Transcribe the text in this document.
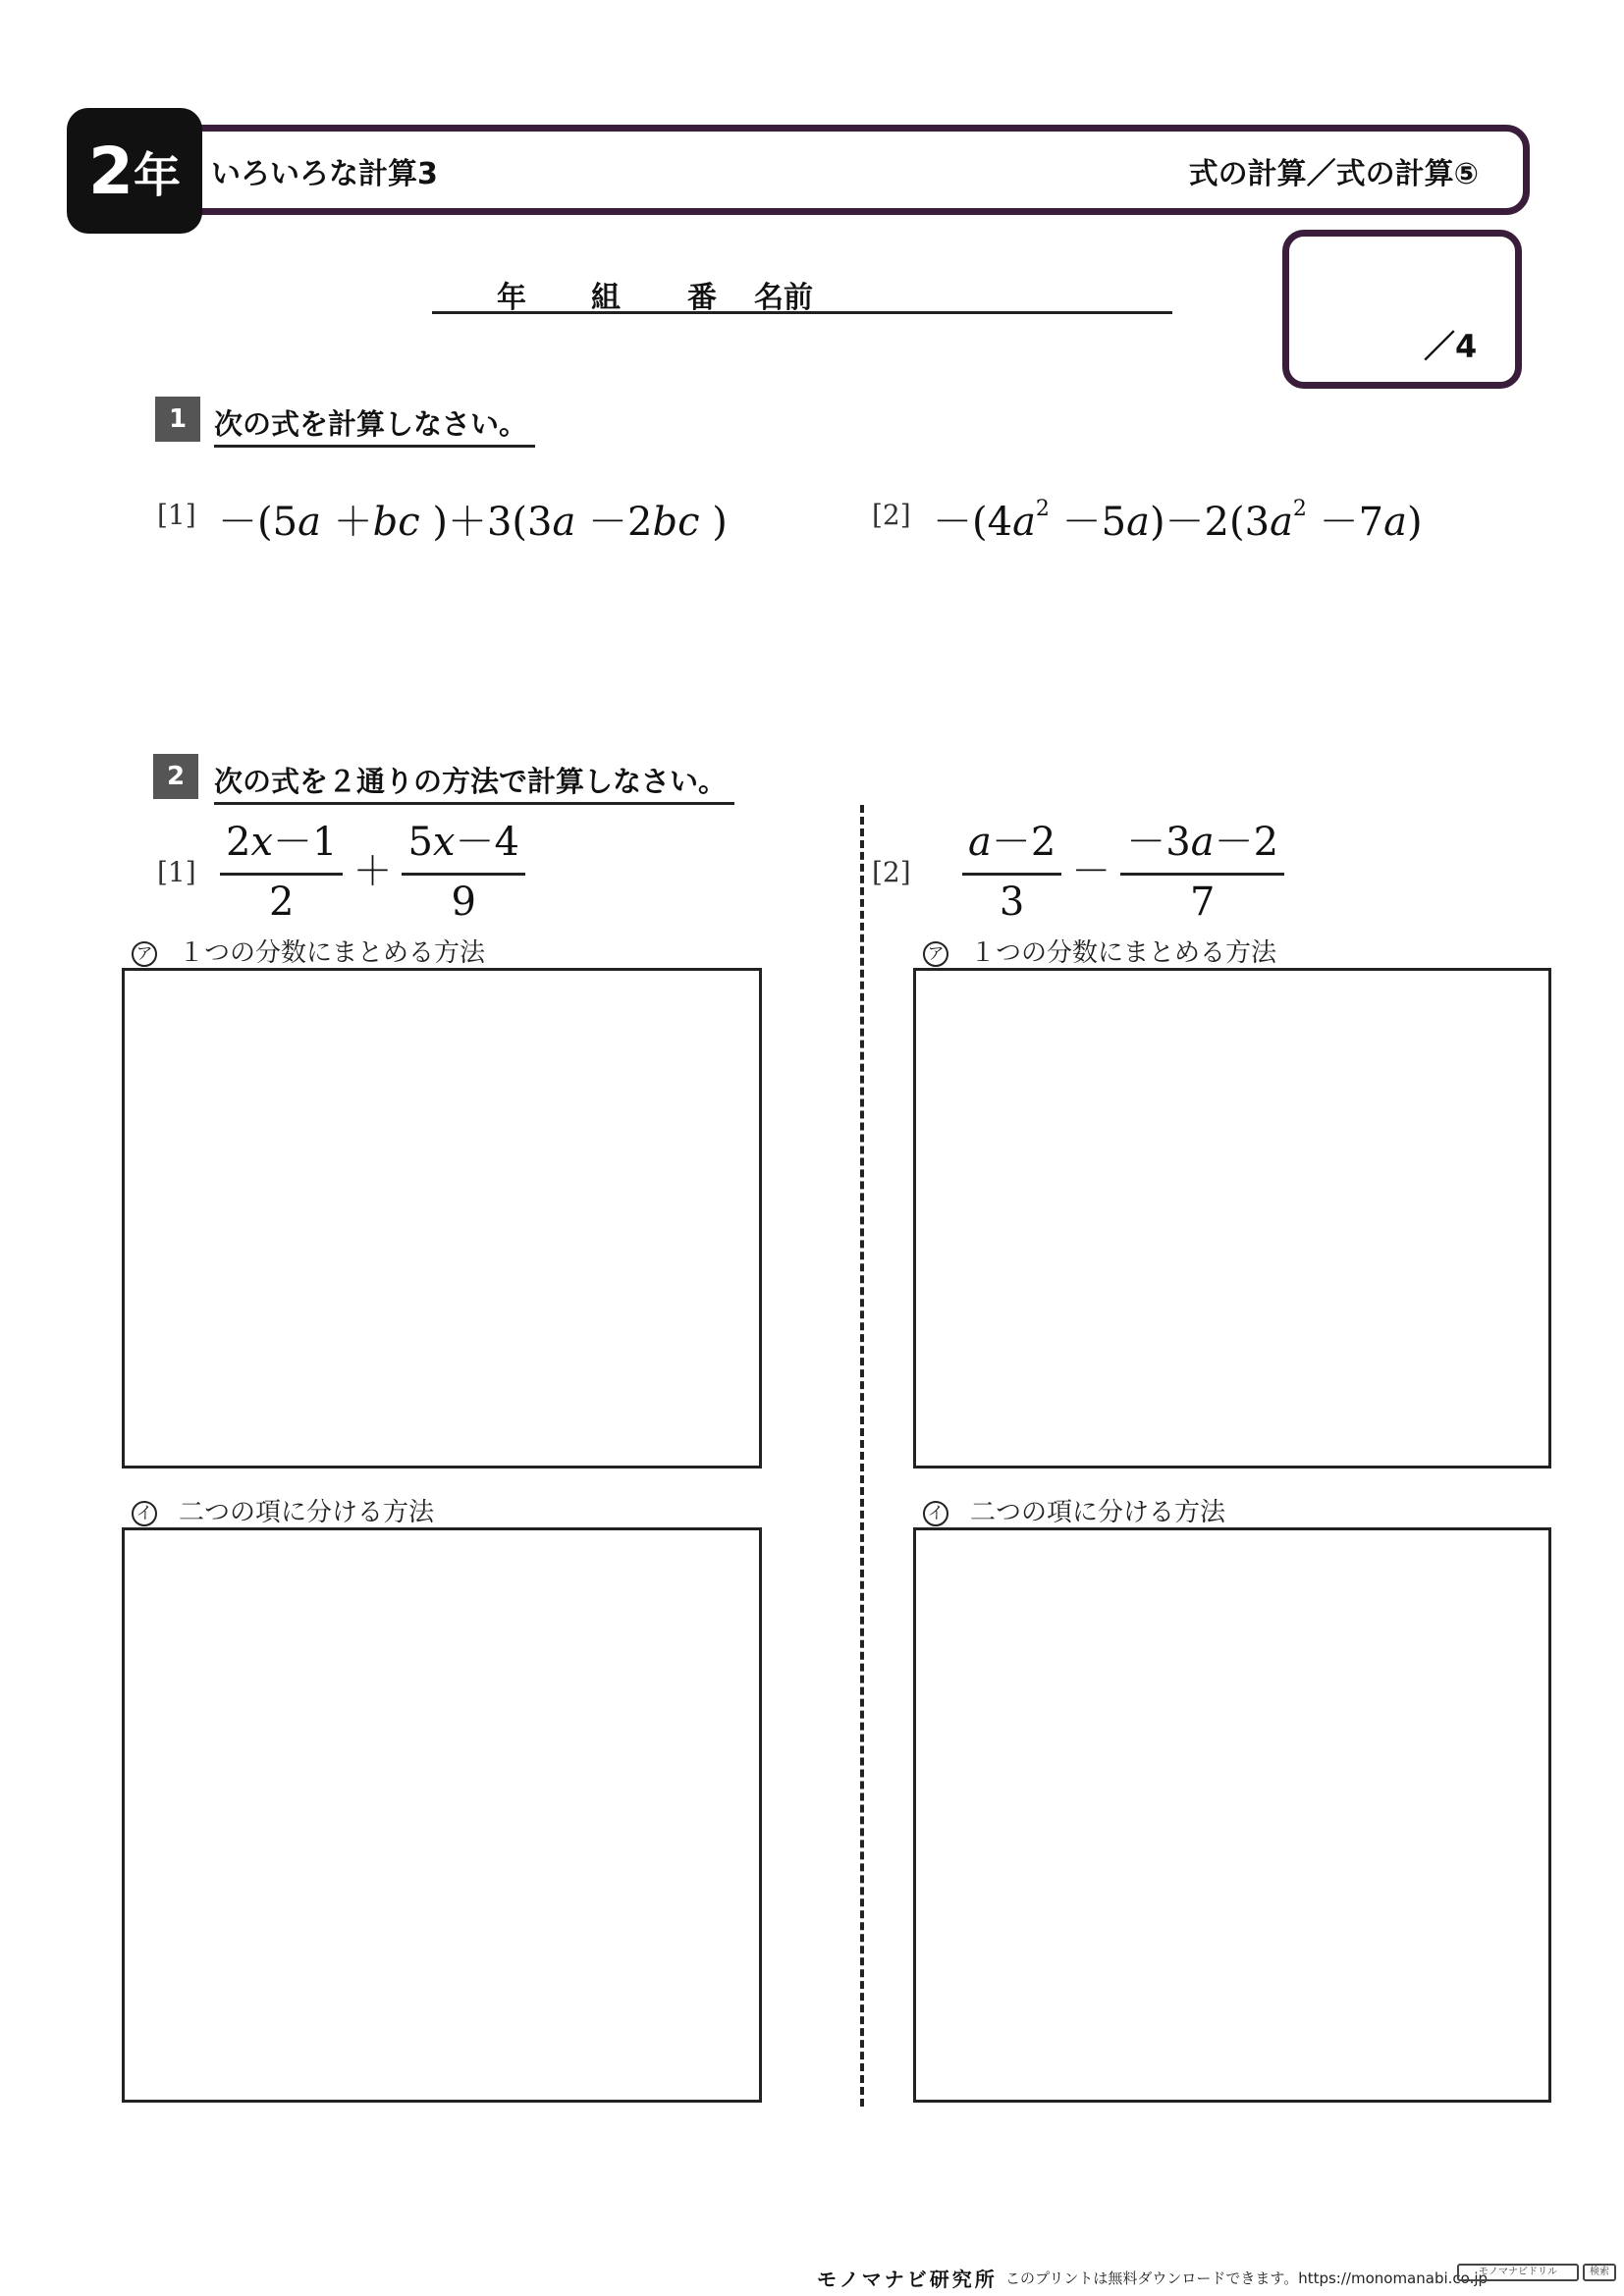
2 年 いろいろな計算3	式の計算／式の計算⑤
年 組 番 名前
／4
1 次の式を計算しなさい。
[1] －(5a ＋bc )＋3(3a －2bc )	$[2] -(4a^2 -5a)-2(3a^2 -7a)$
2	次の式を２通りの方法で計算しなさい。
$[1] \frac{\text{2𝑥－1}}{2} + \frac{\text{5𝑥－4}}{9}$	$[2] \frac{\text{𝑎－2}}{3} - \frac{\text{－3𝑎－2}}{7}$
ア １つの分数にまとめる方法
イ 二つの項に分ける方法
ア １つの分数にまとめる方法
イ 二つの項に分ける方法
モノマナビ研究所 このプリントは無料ダウンロードできます。https://monomanabi.co.jp
モノマナビドリル	検索
